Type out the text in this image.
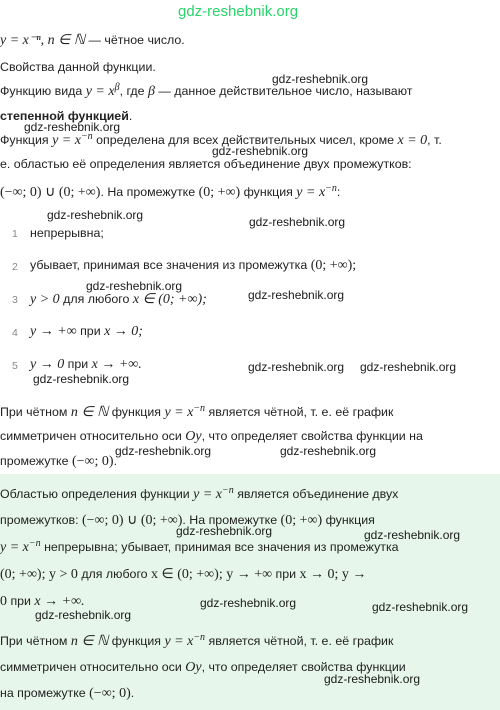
gdz-reshebnik.org
y = x⁻ⁿ, n ∈ ℕ — чётное число.
Свойства данной функции.
gdz-reshebnik.org
Функцию вида $y = x^\beta$, где β — данное действительное число, называют
степенной функцией.
gdz-reshebnik.org
Функция $y = x^{-n}$ определена для всех действительных чисел, кроме x = 0, т.
gdz-reshebnik.org
е. областью её определения является объединение двух промежутков:
(−∞; 0) ∪ (0; +∞). На промежутке (0; +∞) функция $y = x^{-n}$:
gdz-reshebnik.org	gdz-reshebnik.org
1 непрерывна;
2 убывает, принимая все значения из промежутка (0; +∞);
gdz-reshebnik.org
3 y > 0 для любого x ∈ (0; +∞);	gdz-reshebnik.org
4 y → +∞ при x → 0;
5 y → 0 при x → +∞.	gdz-reshebnik.org gdz-reshebnik.org
gdz-reshebnik.org
При чётном n ∈ ℕ функция $y = x^{-n}$ является чётной, т. е. её график
симметричен относительно оси Oy, что определяет свойства функции на
gdz-reshebnik.org	gdz-reshebnik.org
промежутке (−∞; 0).
Областью определения функции $y = x^{-n}$ является объединение двух
промежутков: (−∞; 0) ∪ (0; +∞). На промежутке (0; +∞) функция
gdz-reshebnik.org	gdz-reshebnik.org
$y = x^{-n}$ непрерывна; убывает, принимая все значения из промежутка
(0; +∞); y > 0 для любого x ∈ (0; +∞); y → +∞ при x → 0; y →
0 при x → +∞.	gdz-reshebnik.org	gdz-reshebnik.org
gdz-reshebnik.org
При чётном n ∈ ℕ функция $y = x^{-n}$ является чётной, т. е. её график
симметричен относительно оси Oy, что определяет свойства функции
gdz-reshebnik.org
на промежутке (−∞; 0).
